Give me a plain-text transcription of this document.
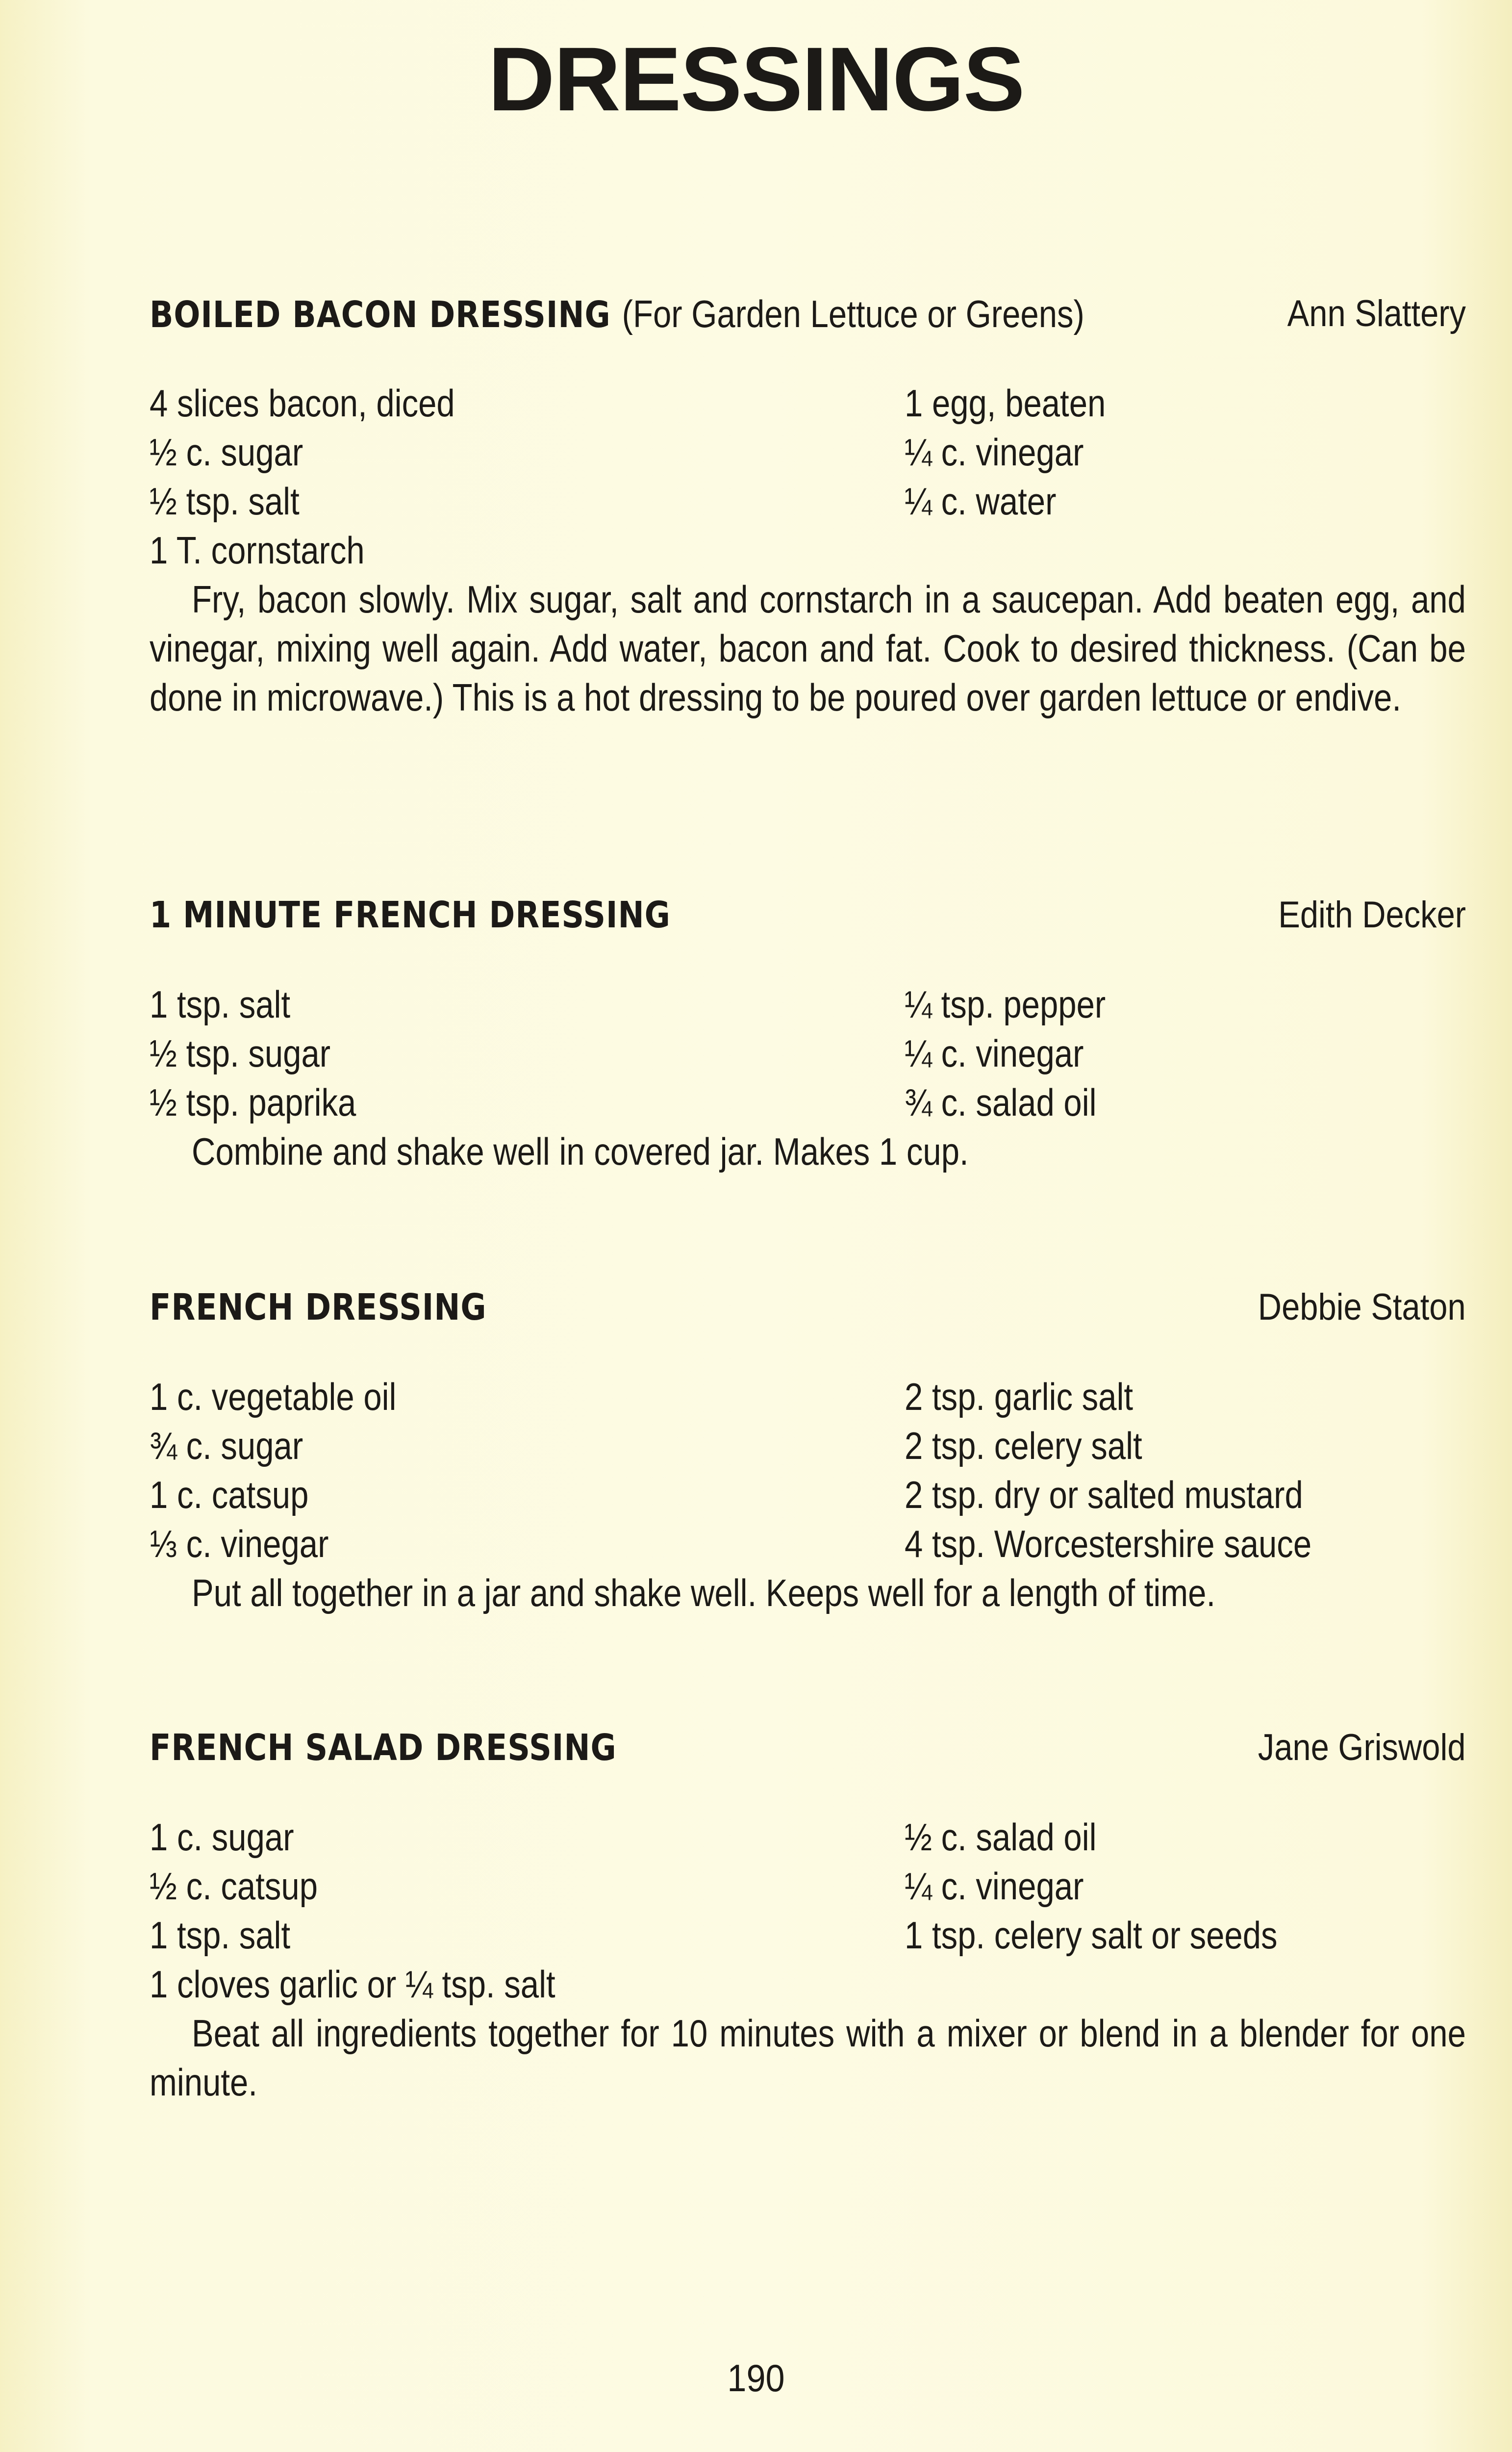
DRESSINGS
BOILED BACON DRESSING (For Garden Lettuce or Greens)	Ann Slattery
4 slices bacon, diced	1 egg, beaten
½ c. sugar	¼ c. vinegar
½ tsp. salt	¼ c. water
1 T. cornstarch

Fry, bacon slowly. Mix sugar, salt and cornstarch in a saucepan. Add beaten egg, and vinegar, mixing well again. Add water, bacon and fat. Cook to desired thickness. (Can be done in microwave.) This is a hot dressing to be poured over garden lettuce or endive.

1 MINUTE FRENCH DRESSING	Edith Decker
1 tsp. salt	¼ tsp. pepper
½ tsp. sugar	¼ c. vinegar
½ tsp. paprika	¾ c. salad oil

Combine and shake well in covered jar. Makes 1 cup.

FRENCH DRESSING	Debbie Staton
1 c. vegetable oil	2 tsp. garlic salt
¾ c. sugar	2 tsp. celery salt
1 c. catsup	2 tsp. dry or salted mustard
⅓ c. vinegar	4 tsp. Worcestershire sauce

Put all together in a jar and shake well. Keeps well for a length of time.

FRENCH SALAD DRESSING	Jane Griswold
1 c. sugar	½ c. salad oil
½ c. catsup	¼ c. vinegar
1 tsp. salt	1 tsp. celery salt or seeds
1 cloves garlic or ¼ tsp. salt

Beat all ingredients together for 10 minutes with a mixer or blend in a blender for one minute.

190
